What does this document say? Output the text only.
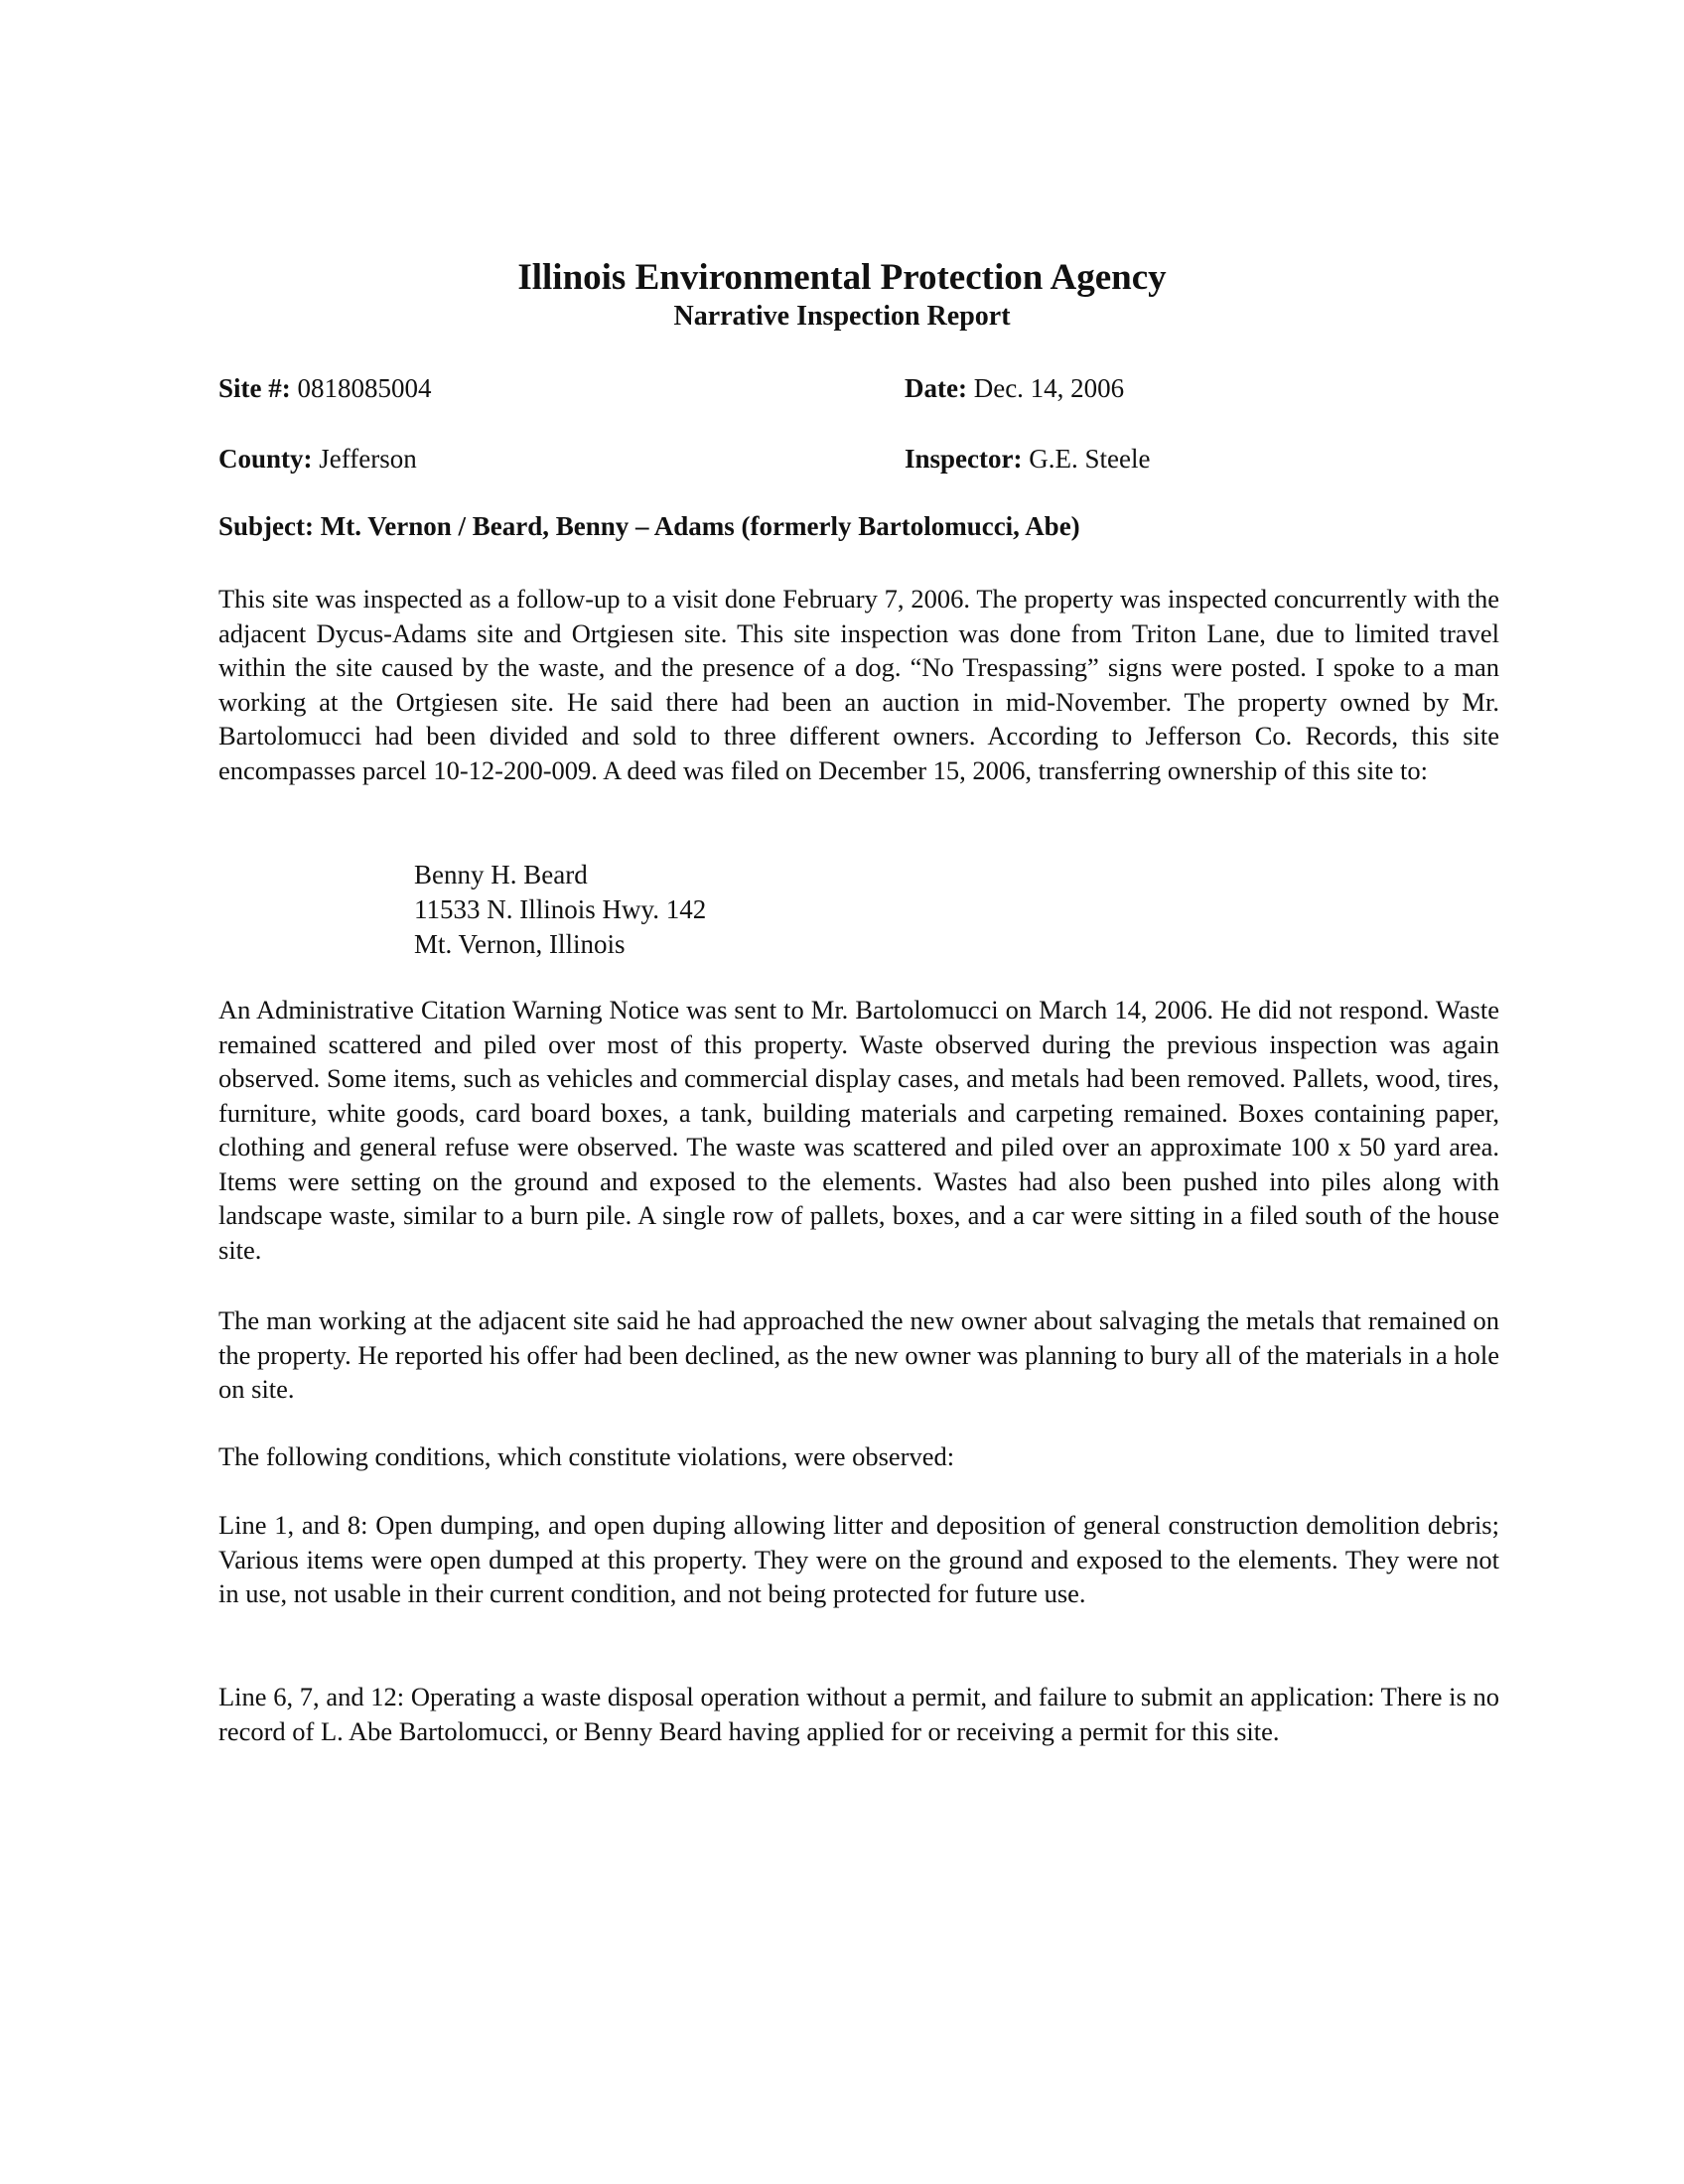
Illinois Environmental Protection Agency
Narrative Inspection Report
Site #: 0818085004	Date: Dec. 14, 2006
County: Jefferson	Inspector: G.E. Steele
Subject: Mt. Vernon / Beard, Benny – Adams (formerly Bartolomucci, Abe)

This site was inspected as a follow-up to a visit done February 7, 2006. The property was inspected concurrently with the adjacent Dycus-Adams site and Ortgiesen site. This site inspection was done from Triton Lane, due to limited travel within the site caused by the waste, and the presence of a dog. “No Trespassing” signs were posted. I spoke to a man working at the Ortgiesen site. He said there had been an auction in mid-November. The property owned by Mr. Bartolomucci had been divided and sold to three different owners. According to Jefferson Co. Records, this site encompasses parcel 10-12-200-009. A deed was filed on December 15, 2006, transferring ownership of this site to:

Benny H. Beard
11533 N. Illinois Hwy. 142
Mt. Vernon, Illinois

An Administrative Citation Warning Notice was sent to Mr. Bartolomucci on March 14, 2006. He did not respond. Waste remained scattered and piled over most of this property. Waste observed during the previous inspection was again observed. Some items, such as vehicles and commercial display cases, and metals had been removed. Pallets, wood, tires, furniture, white goods, card board boxes, a tank, building materials and carpeting remained. Boxes containing paper, clothing and general refuse were observed. The waste was scattered and piled over an approximate 100 x 50 yard area. Items were setting on the ground and exposed to the elements. Wastes had also been pushed into piles along with landscape waste, similar to a burn pile. A single row of pallets, boxes, and a car were sitting in a filed south of the house site.

The man working at the adjacent site said he had approached the new owner about salvaging the metals that remained on the property. He reported his offer had been declined, as the new owner was planning to bury all of the materials in a hole on site.

The following conditions, which constitute violations, were observed:

Line 1, and 8: Open dumping, and open duping allowing litter and deposition of general construction demolition debris; Various items were open dumped at this property. They were on the ground and exposed to the elements. They were not in use, not usable in their current condition, and not being protected for future use.

Line 6, 7, and 12: Operating a waste disposal operation without a permit, and failure to submit an application: There is no record of L. Abe Bartolomucci, or Benny Beard having applied for or receiving a permit for this site.
